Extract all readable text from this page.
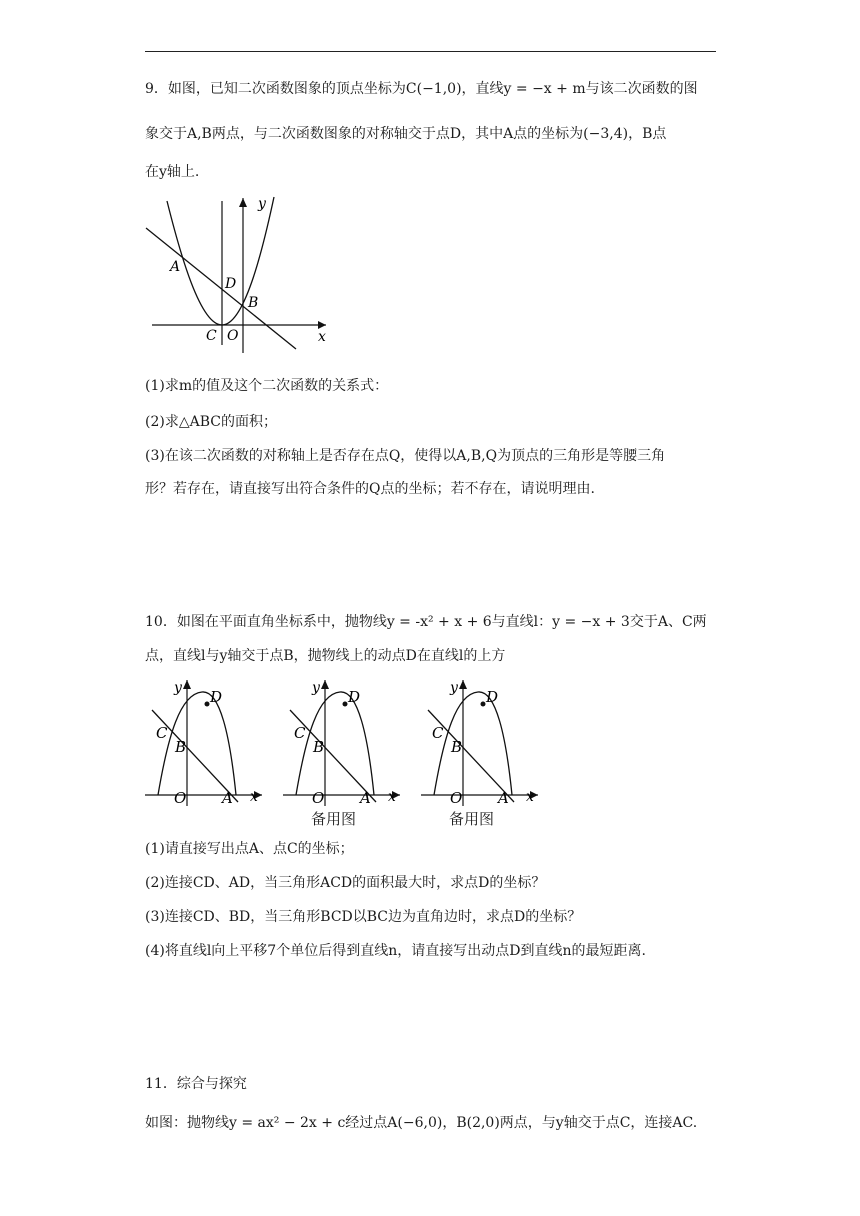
9．如图，已知二次函数图象的顶点坐标为C(−1,0)，直线y = −x + m与该二次函数的图
象交于A,B两点，与二次函数图象的对称轴交于点D，其中A点的坐标为(−3,4)，B点
在y轴上.
y
x
A
D
B
C O
(1)求m的值及这个二次函数的关系式：
(2)求△ABC的面积；
(3)在该二次函数的对称轴上是否存在点Q，使得以A,B,Q为顶点的三角形是等腰三角
形？若存在，请直接写出符合条件的Q点的坐标；若不存在，请说明理由.
10．如图在平面直角坐标系中，抛物线y = -x² + x + 6与直线l：y = −x + 3交于A、C两
点，直线l与y轴交于点B，抛物线上的动点D在直线l的上方
y
x
D
C
B
O A
y
x
D
C
B
O A
备用图
y
x
D
C
B
O A
备用图
(1)请直接写出点A、点C的坐标；
(2)连接CD、AD，当三角形ACD的面积最大时，求点D的坐标？
(3)连接CD、BD，当三角形BCD以BC边为直角边时，求点D的坐标？
(4)将直线l向上平移7个单位后得到直线n，请直接写出动点D到直线n的最短距离.
11．综合与探究
如图：抛物线y = ax² − 2x + c经过点A(−6,0)，B(2,0)两点，与y轴交于点C，连接AC.
